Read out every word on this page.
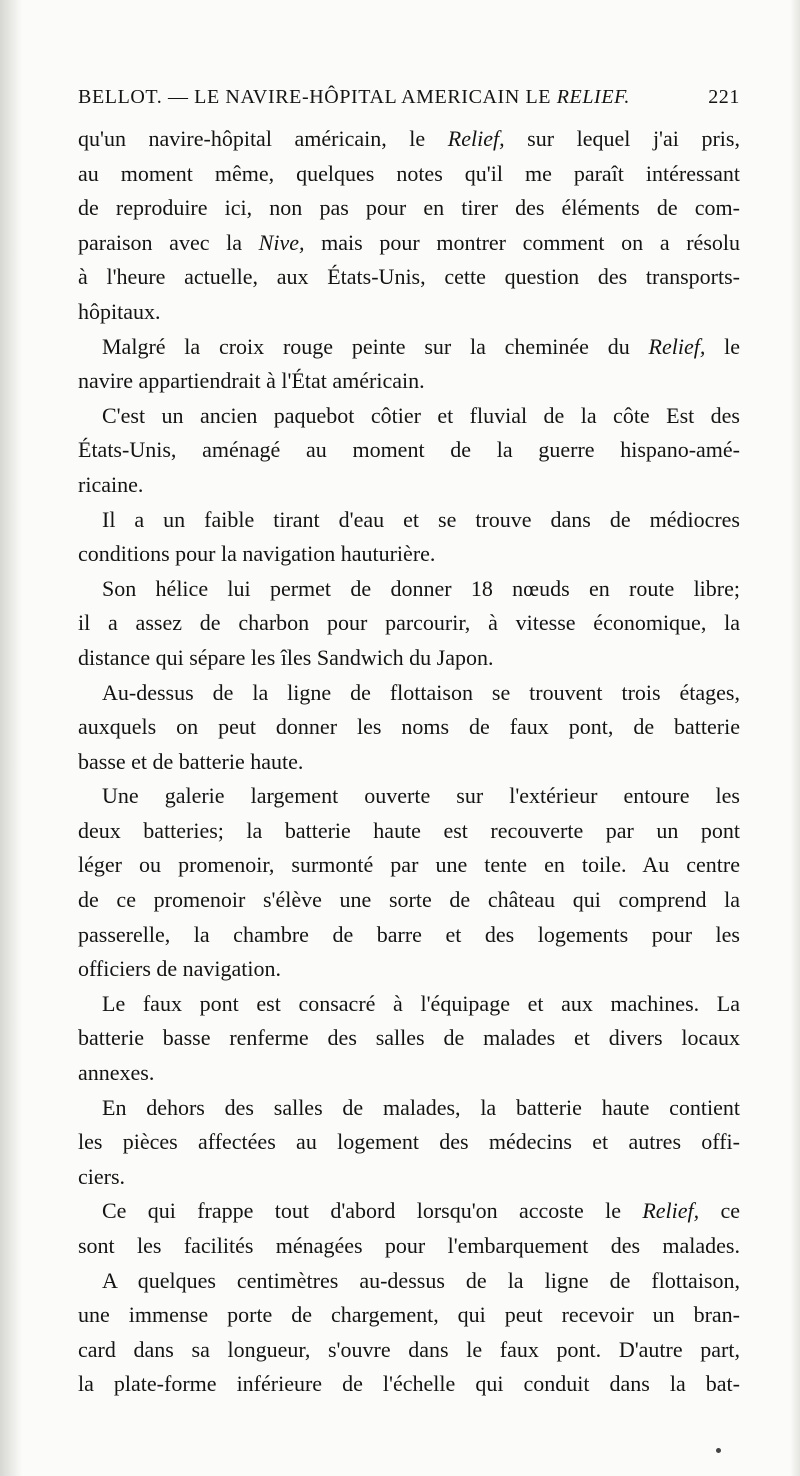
BELLOT. — LE NAVIRE-HÔPITAL AMERICAIN LE RELIEF.	221
qu'un navire-hôpital américain, le Relief, sur lequel j'ai pris,
au moment même, quelques notes qu'il me paraît intéressant
de reproduire ici, non pas pour en tirer des éléments de com-
paraison avec la Nive, mais pour montrer comment on a résolu
à l'heure actuelle, aux États-Unis, cette question des transports-
hôpitaux.
Malgré la croix rouge peinte sur la cheminée du Relief, le
navire appartiendrait à l'État américain.
C'est un ancien paquebot côtier et fluvial de la côte Est des
États-Unis, aménagé au moment de la guerre hispano-amé-
ricaine.
Il a un faible tirant d'eau et se trouve dans de médiocres
conditions pour la navigation hauturière.
Son hélice lui permet de donner 18 nœuds en route libre;
il a assez de charbon pour parcourir, à vitesse économique, la
distance qui sépare les îles Sandwich du Japon.
Au-dessus de la ligne de flottaison se trouvent trois étages,
auxquels on peut donner les noms de faux pont, de batterie
basse et de batterie haute.
Une galerie largement ouverte sur l'extérieur entoure les
deux batteries; la batterie haute est recouverte par un pont
léger ou promenoir, surmonté par une tente en toile. Au centre
de ce promenoir s'élève une sorte de château qui comprend la
passerelle, la chambre de barre et des logements pour les
officiers de navigation.
Le faux pont est consacré à l'équipage et aux machines. La
batterie basse renferme des salles de malades et divers locaux
annexes.
En dehors des salles de malades, la batterie haute contient
les pièces affectées au logement des médecins et autres offi-
ciers.
Ce qui frappe tout d'abord lorsqu'on accoste le Relief, ce
sont les facilités ménagées pour l'embarquement des malades.
A quelques centimètres au-dessus de la ligne de flottaison,
une immense porte de chargement, qui peut recevoir un bran-
card dans sa longueur, s'ouvre dans le faux pont. D'autre part,
la plate-forme inférieure de l'échelle qui conduit dans la bat-
